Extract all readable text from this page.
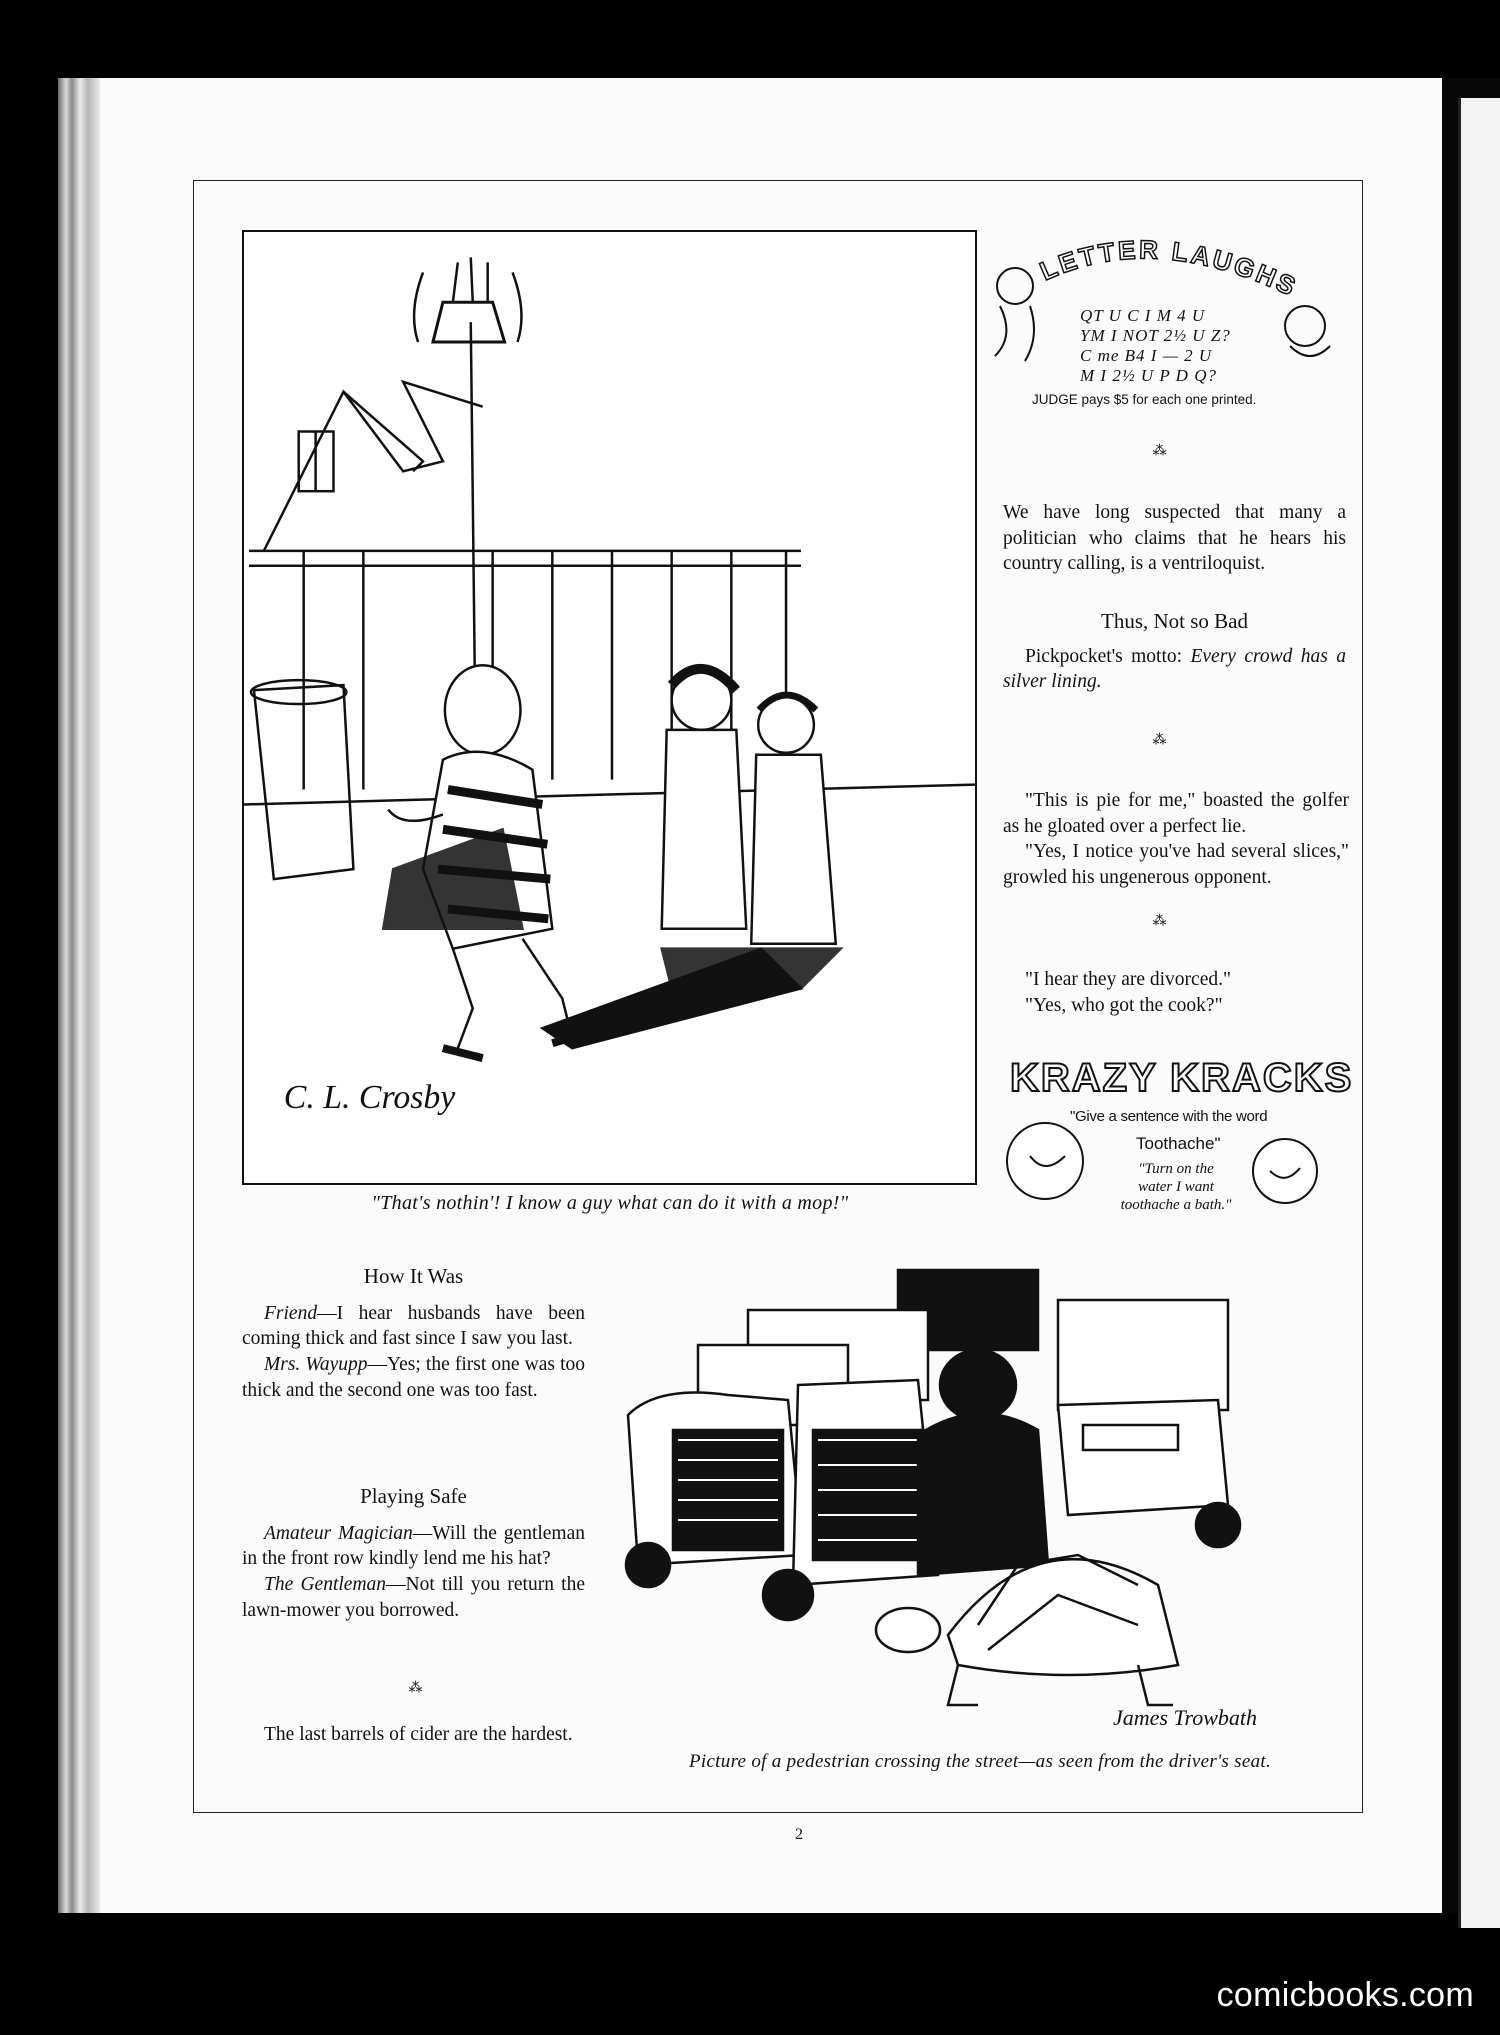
C. L. Crosby
"That's nothin'! I know a guy what can do it with a mop!"
LETTER LAUGHS
QT U C I M 4 U
YM I NOT 2½ U Z?
C me B4 I — 2 U
M I 2½ U P D Q?
JUDGE pays $5 for each one printed.
⁂
We have long suspected that many a politician who claims that he hears his country calling, is a ventriloquist.
Thus, Not so Bad

Pickpocket's motto: Every crowd has a silver lining.

⁂

"This is pie for me," boasted the golfer as he gloated over a perfect lie.

"Yes, I notice you've had several slices," growled his ungenerous opponent.

⁂

"I hear they are divorced."

"Yes, who got the cook?"

KRAZY KRACKS
"Give a sentence with the word
Toothache"
"Turn on the
water I want
toothache a bath."
How It Was

Friend—I hear husbands have been coming thick and fast since I saw you last.

Mrs. Wayupp—Yes; the first one was too thick and the second one was too fast.

Playing Safe

Amateur Magician—Will the gentleman in the front row kindly lend me his hat?

The Gentleman—Not till you return the lawn-mower you borrowed.

⁂
The last barrels of cider are the hardest.
James Trowbath
Picture of a pedestrian crossing the street—as seen from the driver's seat.
2
comicbooks.com
